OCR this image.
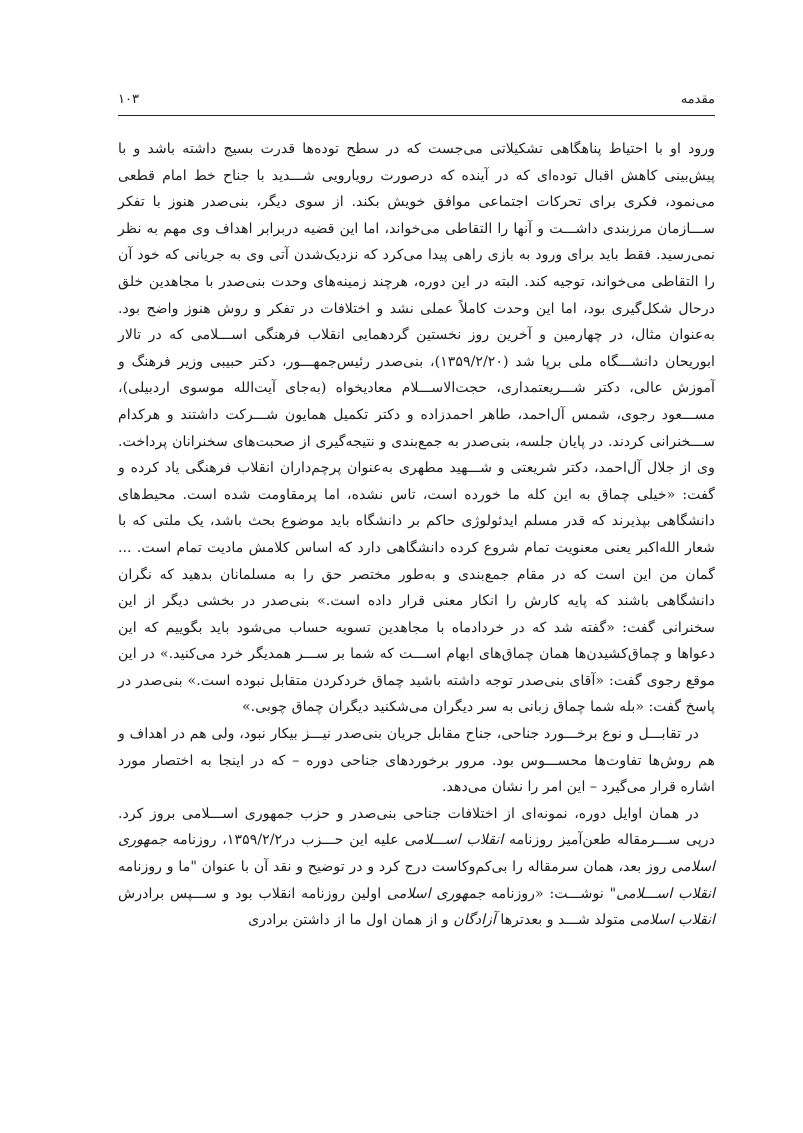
مقدمه
۱۰۳

ورود او با احتیاط پناهگاهی تشکیلاتی می‌جست که در سطح توده‌ها قدرت بسیج داشته باشد و با پیش‌بینی کاهش اقبال توده‌ای که در آینده که درصورت رویارویی شـــدید با جناح خط امام قطعی می‌نمود، فکری برای تحرکات اجتماعی موافق خویش بکند. از سوی دیگر، بنی‌صدر هنوز با تفکر ســـازمان مرزبندی داشـــت و آنها را التقاطی می‌خواند، اما این قضیه دربرابر اهداف وی مهم به نظر نمی‌رسید. فقط باید برای ورود به بازی راهی پیدا می‌کرد که نزدیک‌شدن آتی وی به جریانی که خود آن را التقاطی می‌خواند، توجیه کند. البته در این دوره، هرچند زمینه‌های وحدت بنی‌صدر با مجاهدین خلق درحال شکل‌گیری بود، اما این وحدت کاملاً عملی نشد و اختلافات در تفکر و روش هنوز واضح بود. به‌عنوان مثال، در چهارمین و آخرین روز نخستین گردهمایی انقلاب فرهنگی اســـلامی که در تالار ابوریحان دانشـــگاه ملی برپا شد (۱۳۵۹/۲/۲۰)، بنی‌صدر رئیس‌جمهـــور، دکتر حبیبی وزیر فرهنگ و آموزش عالی، دکتر شـــریعتمداری، حجت‌الاســـلام معادیخواه (بەجای آیت‌الله موسوی اردبیلی)، مســـعود رجوی، شمس آل‌احمد، طاهر احمدزاده و دکتر تکمیل همایون شـــرکت داشتند و هرکدام ســـخنرانی کردند. در پایان جلسه، بنی‌صدر به جمع‌بندی و نتیجه‌گیری از صحبت‌های سخنرانان پرداخت. وی از جلال آل‌احمد، دکتر شریعتی و شـــهید مطهری به‌عنوان پرچم‌داران انقلاب فرهنگی یاد کرده و گفت: «خیلی چماق به این کله ما خورده است، تاس نشده، اما پرمقاومت شده است. محیط‌های دانشگاهی بپذیرند که قدر مسلم ایدئولوژی حاکم بر دانشگاه باید موضوع بحث باشد، یک ملتی که با شعار الله‌اکبر یعنی معنویت تمام شروع کرده دانشگاهی دارد که اساس کلامش مادیت تمام است. ... گمان من این است که در مقام جمع‌بندی و به‌طور مختصر حق را به مسلمانان بدهید که نگران دانشگاهی باشند که پایه کارش را انکار معنی قرار داده است.» بنی‌صدر در بخشی دیگر از این سخنرانی گفت: «گفته شد که در خردادماه با مجاهدین تسویه حساب می‌شود باید بگوییم که این دعواها و چماق‌کشیدن‌ها همان چماق‌های ابهام اســـت که شما بر ســـر همدیگر خرد می‌کنید.» در این موقع رجوی گفت: «آقای بنی‌صدر توجه داشته باشید چماق خردکردن متقابل نبوده است.» بنی‌صدر در پاسخ گفت: «بله شما چماق زبانی به سر دیگران می‌شکنید دیگران چماق چوبی.»

در تقابـــل و نوع برخـــورد جناحی، جناح مقابل جریان بنی‌صدر نیـــز بیکار نبود، ولی هم در اهداف و هم روش‌ها تفاوت‌ها محســـوس بود. مرور برخوردهای جناحی دوره – که در اینجا به اختصار مورد اشاره قرار می‌گیرد – این امر را نشان می‌دهد.

در همان اوایل دوره، نمونه‌ای از اختلافات جناحی بنی‌صدر و حزب جمهوری اســـلامی بروز کرد. درپی ســـرمقاله طعن‌آمیز روزنامه انقلاب اســـلامی علیه این حـــزب در۱۳۵۹/۲/۲، روزنامه جمهوری اسلامی روز بعد، همان سرمقاله را بی‌کم‌وکاست درج کرد و در توضیح و نقد آن با عنوان "ما و روزنامه انقلاب اســـلامی" نوشـــت: «روزنامه جمهوری اسلامی اولین روزنامه انقلاب بود و ســـپس برادرش انقلاب اسلامی متولد شـــد و بعدترها آزادگان و از همان اول ما از داشتن برادری
